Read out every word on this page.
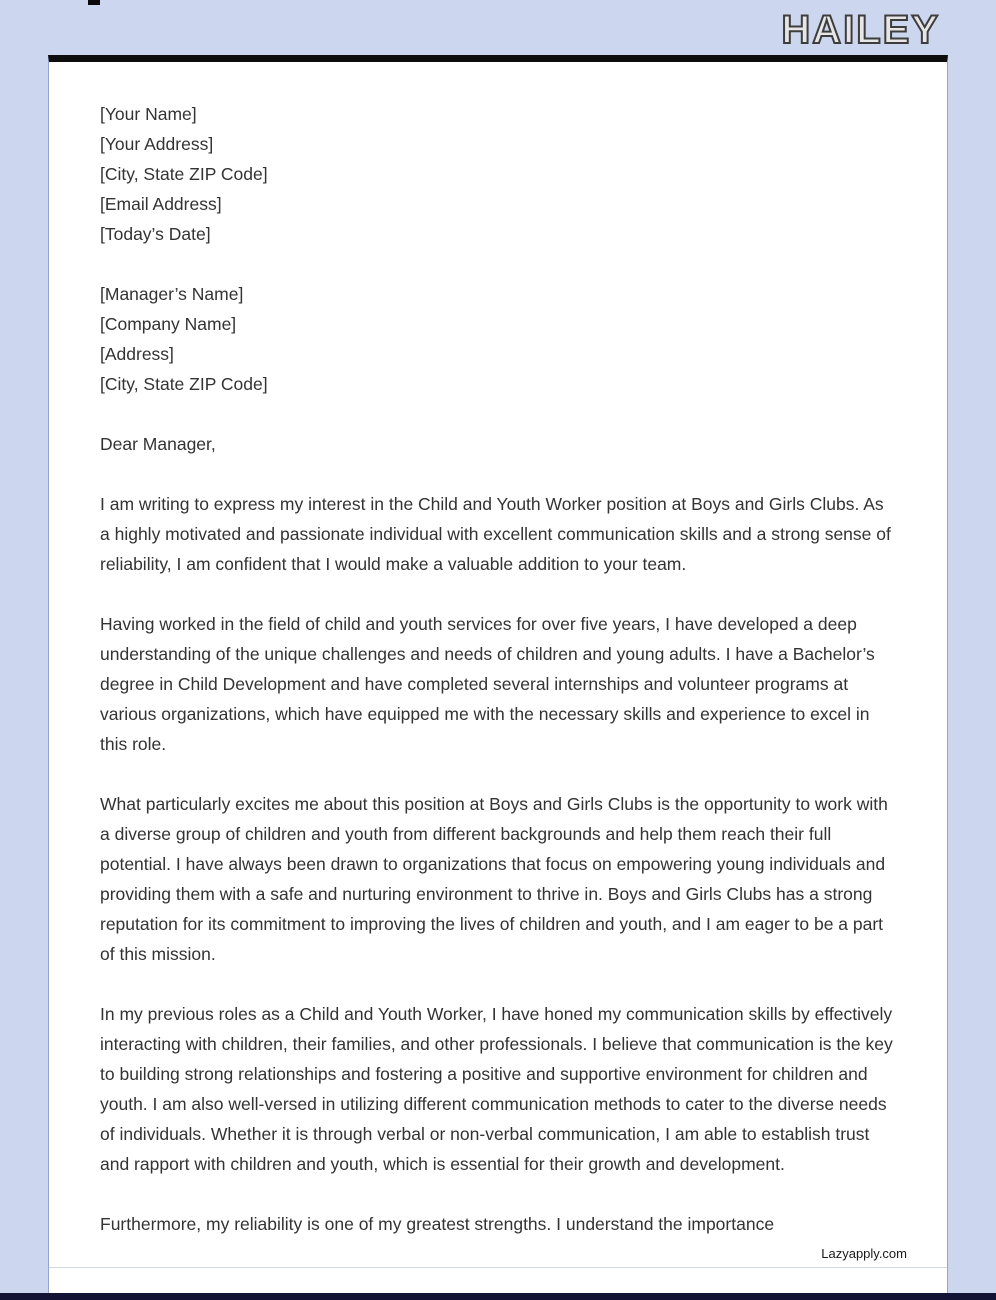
HAILEY
[Your Name]
[Your Address]
[City, State ZIP Code]
[Email Address]
[Today’s Date]
[Manager’s Name]
[Company Name]
[Address]
[City, State ZIP Code]
Dear Manager,

I am writing to express my interest in the Child and Youth Worker position at Boys and Girls Clubs. As a highly motivated and passionate individual with excellent communication skills and a strong sense of reliability, I am confident that I would make a valuable addition to your team.

Having worked in the field of child and youth services for over five years, I have developed a deep understanding of the unique challenges and needs of children and young adults. I have a Bachelor’s degree in Child Development and have completed several internships and volunteer programs at various organizations, which have equipped me with the necessary skills and experience to excel in this role.

What particularly excites me about this position at Boys and Girls Clubs is the opportunity to work with a diverse group of children and youth from different backgrounds and help them reach their full potential. I have always been drawn to organizations that focus on empowering young individuals and providing them with a safe and nurturing environment to thrive in. Boys and Girls Clubs has a strong reputation for its commitment to improving the lives of children and youth, and I am eager to be a part of this mission.

In my previous roles as a Child and Youth Worker, I have honed my communication skills by effectively interacting with children, their families, and other professionals. I believe that communication is the key to building strong relationships and fostering a positive and supportive environment for children and youth. I am also well-versed in utilizing different communication methods to cater to the diverse needs of individuals. Whether it is through verbal or non-verbal communication, I am able to establish trust and rapport with children and youth, which is essential for their growth and development.

Furthermore, my reliability is one of my greatest strengths. I understand the importance

Lazyapply.com
